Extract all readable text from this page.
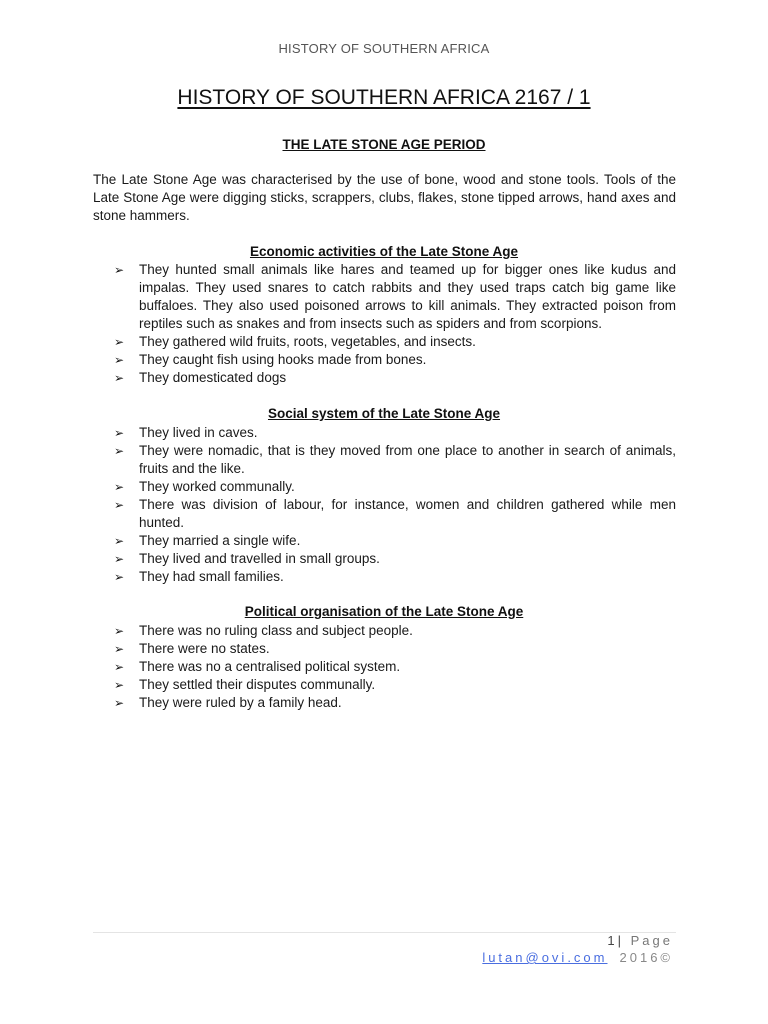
HISTORY OF SOUTHERN AFRICA
HISTORY OF SOUTHERN AFRICA 2167 / 1
THE LATE STONE AGE PERIOD

The Late Stone Age was characterised by the use of bone, wood and stone tools. Tools of the Late Stone Age were digging sticks, scrappers, clubs, flakes, stone tipped arrows, hand axes and stone hammers.

Economic activities of the Late Stone Age
➢ They hunted small animals like hares and teamed up for bigger ones like kudus and impalas. They used snares to catch rabbits and they used traps catch big game like buffaloes. They also used poisoned arrows to kill animals. They extracted poison from reptiles such as snakes and from insects such as spiders and from scorpions.
➢ They gathered wild fruits, roots, vegetables, and insects.
➢ They caught fish using hooks made from bones.
➢ They domesticated dogs
Social system of the Late Stone Age
➢ They lived in caves.
➢ They were nomadic, that is they moved from one place to another in search of animals, fruits and the like.
➢ They worked communally.
➢ There was division of labour, for instance, women and children gathered while men hunted.
➢ They married a single wife.
➢ They lived and travelled in small groups.
➢ They had small families.
Political organisation of the Late Stone Age
➢ There was no ruling class and subject people.
➢ There were no states.
➢ There was no a centralised political system.
➢ They settled their disputes communally.
➢ They were ruled by a family head.
1| Page
lutan@ovi.com 2016©
